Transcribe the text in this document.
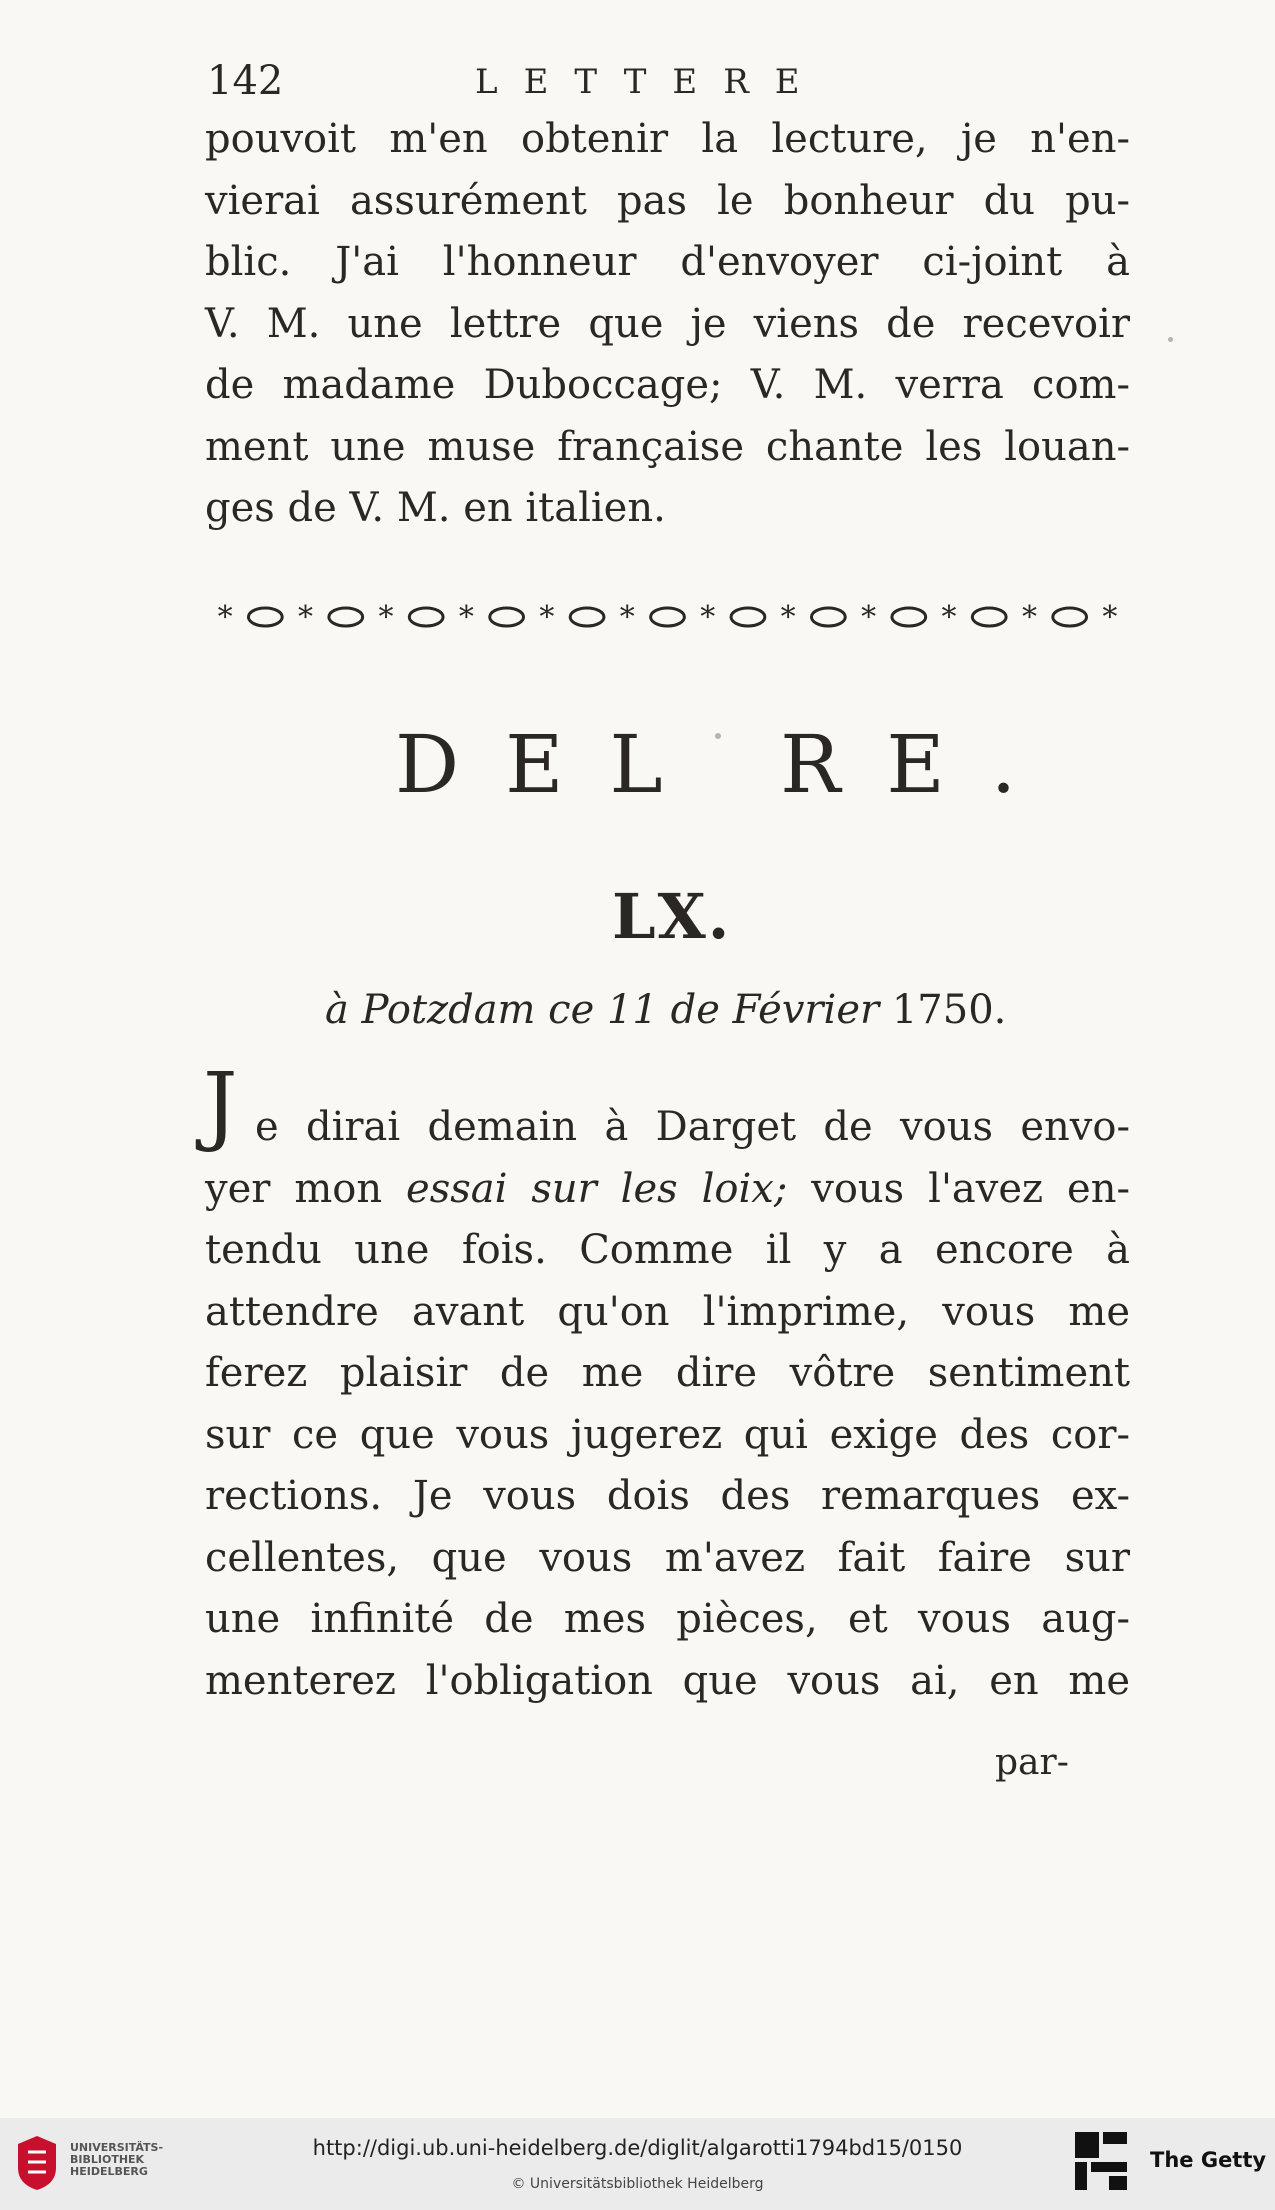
142	LETTERE
pouvoit m'en obtenir la lecture, je n'en-
vierai assurément pas le bonheur du pu-
blic. J'ai l'honneur d'envoyer ci-joint à
V. M. une lettre que je viens de recevoir
de madame Duboccage; V. M. verra com-
ment une muse française chante les louan-
ges de V. M. en italien.
* * * * * * * * * * * *
DEL RE.
LX.
à Potzdam ce 11 de Février 1750.
J e dirai demain à Darget de vous envo-
yer mon essai sur les loix; vous l'avez en-
tendu une fois. Comme il y a encore à
attendre avant qu'on l'imprime, vous me
ferez plaisir de me dire vôtre sentiment
sur ce que vous jugerez qui exige des cor-
rections. Je vous dois des remarques ex-
cellentes, que vous m'avez fait faire sur
une infinité de mes pièces, et vous aug-
menterez l'obligation que vous ai, en me
par-
UNIVERSITÄTS-
BIBLIOTHEK
HEIDELBERG
http://digi.ub.uni-heidelberg.de/diglit/algarotti1794bd15/0150
© Universitätsbibliothek Heidelberg
The Getty
